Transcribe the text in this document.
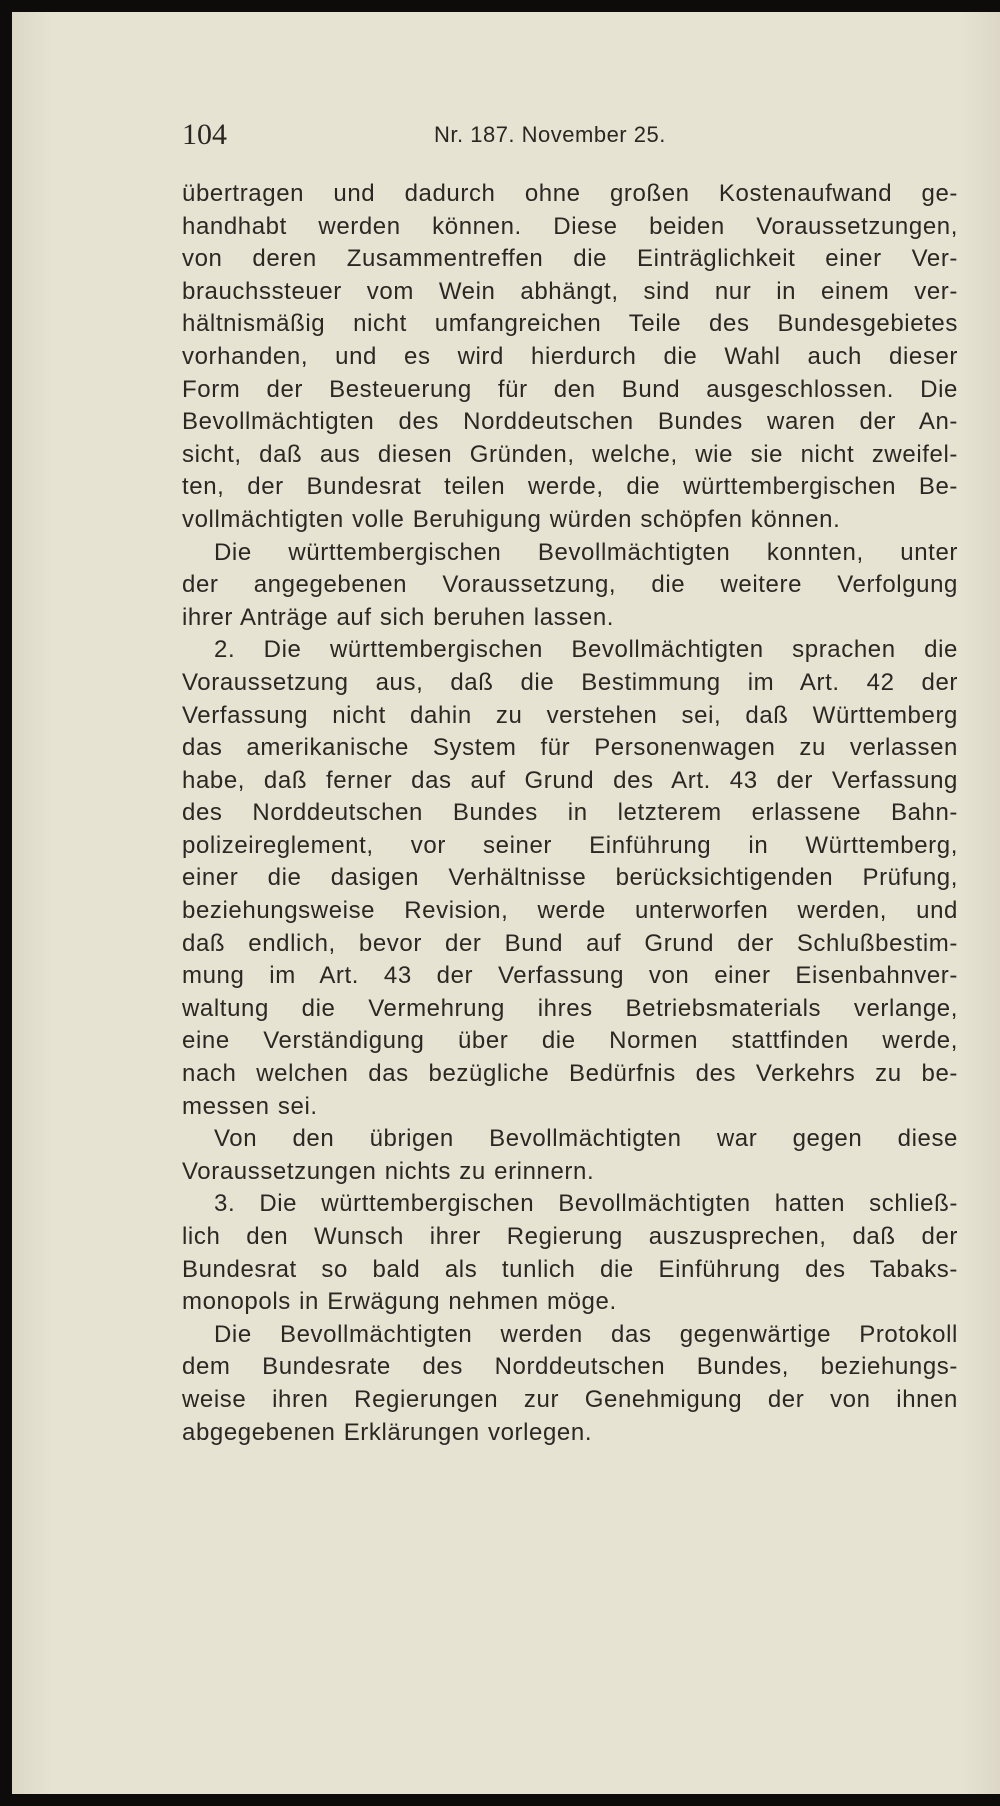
104	Nr. 187. November 25.
übertragen und dadurch ohne großen Kostenaufwand ge-
handhabt werden können. Diese beiden Voraussetzungen,
von deren Zusammentreffen die Einträglichkeit einer Ver-
brauchssteuer vom Wein abhängt, sind nur in einem ver-
hältnismäßig nicht umfangreichen Teile des Bundesgebietes
vorhanden, und es wird hierdurch die Wahl auch dieser
Form der Besteuerung für den Bund ausgeschlossen. Die
Bevollmächtigten des Norddeutschen Bundes waren der An-
sicht, daß aus diesen Gründen, welche, wie sie nicht zweifel-
ten, der Bundesrat teilen werde, die württembergischen Be-
vollmächtigten volle Beruhigung würden schöpfen können.
Die württembergischen Bevollmächtigten konnten, unter
der angegebenen Voraussetzung, die weitere Verfolgung
ihrer Anträge auf sich beruhen lassen.
2. Die württembergischen Bevollmächtigten sprachen die
Voraussetzung aus, daß die Bestimmung im Art. 42 der
Verfassung nicht dahin zu verstehen sei, daß Württemberg
das amerikanische System für Personenwagen zu verlassen
habe, daß ferner das auf Grund des Art. 43 der Verfassung
des Norddeutschen Bundes in letzterem erlassene Bahn-
polizeireglement, vor seiner Einführung in Württemberg,
einer die dasigen Verhältnisse berücksichtigenden Prüfung,
beziehungsweise Revision, werde unterworfen werden, und
daß endlich, bevor der Bund auf Grund der Schlußbestim-
mung im Art. 43 der Verfassung von einer Eisenbahnver-
waltung die Vermehrung ihres Betriebsmaterials verlange,
eine Verständigung über die Normen stattfinden werde,
nach welchen das bezügliche Bedürfnis des Verkehrs zu be-
messen sei.
Von den übrigen Bevollmächtigten war gegen diese
Voraussetzungen nichts zu erinnern.
3. Die württembergischen Bevollmächtigten hatten schließ-
lich den Wunsch ihrer Regierung auszusprechen, daß der
Bundesrat so bald als tunlich die Einführung des Tabaks-
monopols in Erwägung nehmen möge.
Die Bevollmächtigten werden das gegenwärtige Protokoll
dem Bundesrate des Norddeutschen Bundes, beziehungs-
weise ihren Regierungen zur Genehmigung der von ihnen
abgegebenen Erklärungen vorlegen.
